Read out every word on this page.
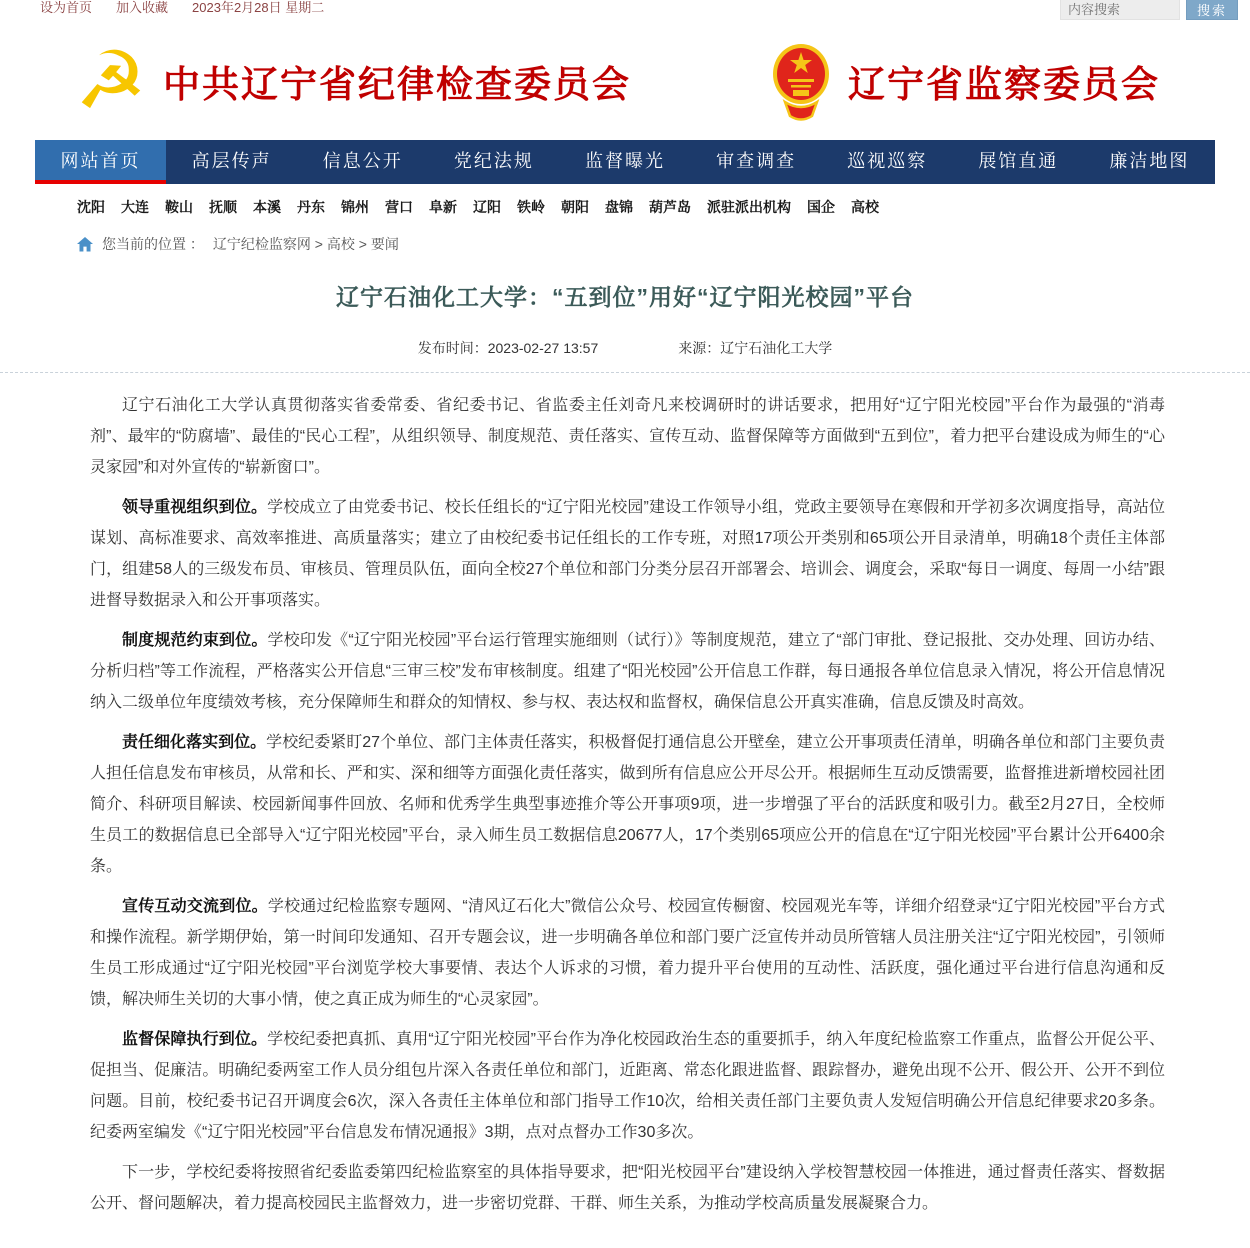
设为首页 加入收藏 2023年2月28日 星期二
内容搜索	搜索
☭ 中共辽宁省纪律检查委员会	辽宁省监察委员会
网站首页	高层传声	信息公开	党纪法规	监督曝光	审查调查	巡视巡察	展馆直通	廉洁地图
沈阳 大连 鞍山 抚顺 本溪 丹东 锦州 营口 阜新 辽阳 铁岭 朝阳 盘锦 葫芦岛 派驻派出机构 国企 高校
您当前的位置 ： 辽宁纪检监察网 > 高校 > 要闻
辽宁石油化工大学：“五到位”用好“辽宁阳光校园”平台
发布时间：2023-02-27 13:57	来源：辽宁石油化工大学

辽宁石油化工大学认真贯彻落实省委常委、省纪委书记、省监委主任刘奇凡来校调研时的讲话要求，把用好“辽宁阳光校园”平台作为最强的“消毒剂”、最牢的“防腐墙”、最佳的“民心工程”，从组织领导、制度规范、责任落实、宣传互动、监督保障等方面做到“五到位”，着力把平台建设成为师生的“心灵家园”和对外宣传的“崭新窗口”。

领导重视组织到位。学校成立了由党委书记、校长任组长的“辽宁阳光校园”建设工作领导小组，党政主要领导在寒假和开学初多次调度指导，高站位谋划、高标准要求、高效率推进、高质量落实；建立了由校纪委书记任组长的工作专班，对照17项公开类别和65项公开目录清单，明确18个责任主体部门，组建58人的三级发布员、审核员、管理员队伍，面向全校27个单位和部门分类分层召开部署会、培训会、调度会，采取“每日一调度、每周一小结”跟进督导数据录入和公开事项落实。

制度规范约束到位。学校印发《“辽宁阳光校园”平台运行管理实施细则（试行）》等制度规范，建立了“部门审批、登记报批、交办处理、回访办结、分析归档”等工作流程，严格落实公开信息“三审三校”发布审核制度。组建了“阳光校园”公开信息工作群，每日通报各单位信息录入情况，将公开信息情况纳入二级单位年度绩效考核，充分保障师生和群众的知情权、参与权、表达权和监督权，确保信息公开真实准确，信息反馈及时高效。

责任细化落实到位。学校纪委紧盯27个单位、部门主体责任落实，积极督促打通信息公开壁垒，建立公开事项责任清单，明确各单位和部门主要负责人担任信息发布审核员，从常和长、严和实、深和细等方面强化责任落实，做到所有信息应公开尽公开。根据师生互动反馈需要，监督推进新增校园社团简介、科研项目解读、校园新闻事件回放、名师和优秀学生典型事迹推介等公开事项9项，进一步增强了平台的活跃度和吸引力。截至2月27日，全校师生员工的数据信息已全部导入“辽宁阳光校园”平台，录入师生员工数据信息20677人，17个类别65项应公开的信息在“辽宁阳光校园”平台累计公开6400余条。

宣传互动交流到位。学校通过纪检监察专题网、“清风辽石化大”微信公众号、校园宣传橱窗、校园观光车等，详细介绍登录“辽宁阳光校园”平台方式和操作流程。新学期伊始，第一时间印发通知、召开专题会议，进一步明确各单位和部门要广泛宣传并动员所管辖人员注册关注“辽宁阳光校园”，引领师生员工形成通过“辽宁阳光校园”平台浏览学校大事要情、表达个人诉求的习惯，着力提升平台使用的互动性、活跃度，强化通过平台进行信息沟通和反馈，解决师生关切的大事小情，使之真正成为师生的“心灵家园”。

监督保障执行到位。学校纪委把真抓、真用“辽宁阳光校园”平台作为净化校园政治生态的重要抓手，纳入年度纪检监察工作重点，监督公开促公平、促担当、促廉洁。明确纪委两室工作人员分组包片深入各责任单位和部门，近距离、常态化跟进监督、跟踪督办，避免出现不公开、假公开、公开不到位问题。目前，校纪委书记召开调度会6次，深入各责任主体单位和部门指导工作10次，给相关责任部门主要负责人发短信明确公开信息纪律要求20多条。纪委两室编发《“辽宁阳光校园”平台信息发布情况通报》3期，点对点督办工作30多次。

下一步，学校纪委将按照省纪委监委第四纪检监察室的具体指导要求，把“阳光校园平台”建设纳入学校智慧校园一体推进，通过督责任落实、督数据公开、督问题解决，着力提高校园民主监督效力，进一步密切党群、干群、师生关系，为推动学校高质量发展凝聚合力。
